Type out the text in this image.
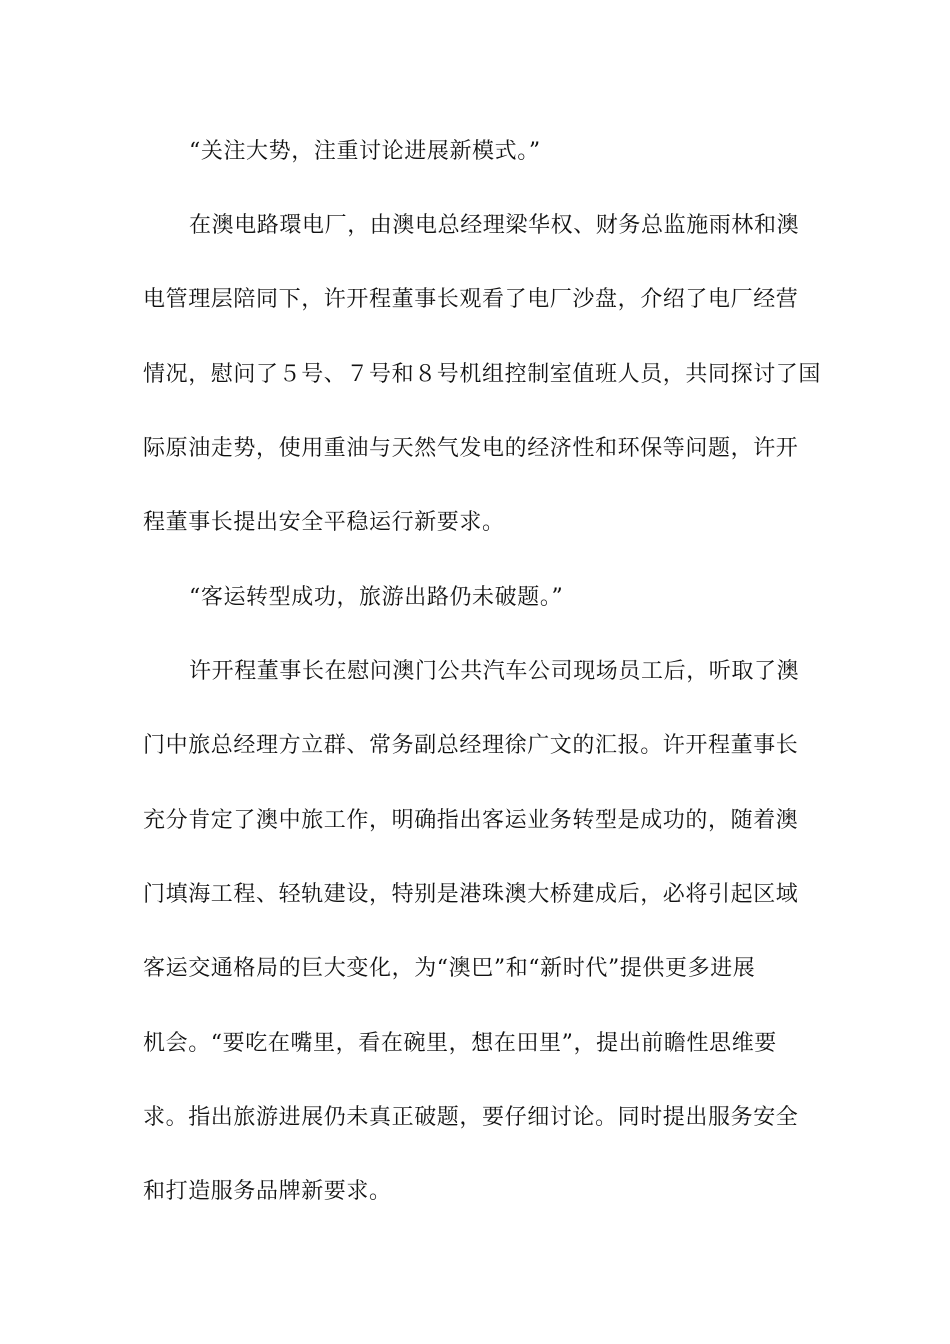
“关注大势，注重讨论进展新模式。”
在澳电路環电厂，由澳电总经理梁华权、财务总监施雨林和澳
电管理层陪同下，许开程董事长观看了电厂沙盘，介绍了电厂经营
情况，慰问了５号、７号和８号机组控制室值班人员，共同探讨了国
际原油走势，使用重油与天然气发电的经济性和环保等问题，许开
程董事长提出安全平稳运行新要求。
“客运转型成功，旅游出路仍未破题。”
许开程董事长在慰问澳门公共汽车公司现场员工后，听取了澳
门中旅总经理方立群、常务副总经理徐广文的汇报。许开程董事长
充分肯定了澳中旅工作，明确指出客运业务转型是成功的，随着澳
门填海工程、轻轨建设，特别是港珠澳大桥建成后，必将引起区域
客运交通格局的巨大变化，为“澳巴”和“新时代”提供更多进展
机会。“要吃在嘴里，看在碗里，想在田里”，提出前瞻性思维要
求。指出旅游进展仍未真正破题，要仔细讨论。同时提出服务安全
和打造服务品牌新要求。
